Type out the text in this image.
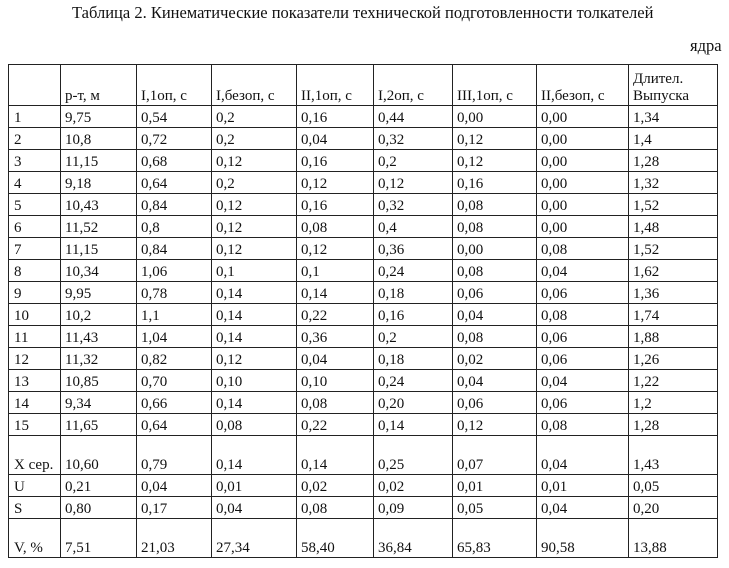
Таблица 2. Кинематические показатели технической подготовленности толкателей
ядра
	р-т, м	I,1оп, с	I,безоп, с	II,1оп, с	I,2оп, с	III,1оп, с	II,безоп, с	Длител. Выпуска
1	9,75	0,54	0,2	0,16	0,44	0,00	0,00	1,34
2	10,8	0,72	0,2	0,04	0,32	0,12	0,00	1,4
3	11,15	0,68	0,12	0,16	0,2	0,12	0,00	1,28
4	9,18	0,64	0,2	0,12	0,12	0,16	0,00	1,32
5	10,43	0,84	0,12	0,16	0,32	0,08	0,00	1,52
6	11,52	0,8	0,12	0,08	0,4	0,08	0,00	1,48
7	11,15	0,84	0,12	0,12	0,36	0,00	0,08	1,52
8	10,34	1,06	0,1	0,1	0,24	0,08	0,04	1,62
9	9,95	0,78	0,14	0,14	0,18	0,06	0,06	1,36
10	10,2	1,1	0,14	0,22	0,16	0,04	0,08	1,74
11	11,43	1,04	0,14	0,36	0,2	0,08	0,06	1,88
12	11,32	0,82	0,12	0,04	0,18	0,02	0,06	1,26
13	10,85	0,70	0,10	0,10	0,24	0,04	0,04	1,22
14	9,34	0,66	0,14	0,08	0,20	0,06	0,06	1,2
15	11,65	0,64	0,08	0,22	0,14	0,12	0,08	1,28
X сер.	10,60	0,79	0,14	0,14	0,25	0,07	0,04	1,43
U	0,21	0,04	0,01	0,02	0,02	0,01	0,01	0,05
S	0,80	0,17	0,04	0,08	0,09	0,05	0,04	0,20
V, %	7,51	21,03	27,34	58,40	36,84	65,83	90,58	13,88
